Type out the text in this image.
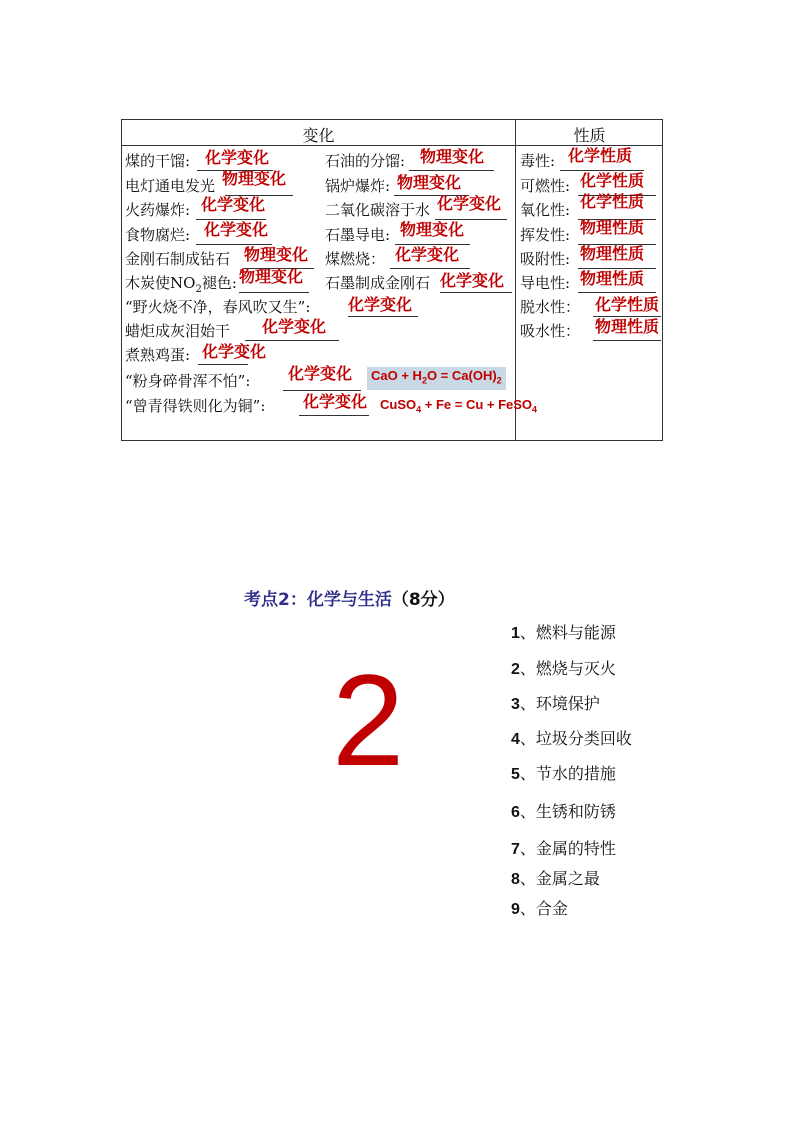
变化	性质
煤的干馏: 化学变化	石油的分馏: 物理变化
电灯通电发光 物理变化	锅炉爆炸: 物理变化
火药爆炸: 化学变化	二氧化碳溶于水 化学变化
食物腐烂: 化学变化	石墨导电: 物理变化
金刚石制成钻石 物理变化 煤燃烧： 化学变化
木炭使$NO_2$褪色: 物理变化 石墨制成金刚石 化学变化
“野火烧不净，春风吹又生”: 化学变化
蜡炬成灰泪始干 化学变化
煮熟鸡蛋: 化学变化
“粉身碎骨浑不怕”: 化学变化	CaO + $H_2O = Ca(OH)_2$
“曾青得铁则化为铜”: 化学变化 CuSO$_4$ + Fe = Cu + FeSO$_4$
毒性: 化学性质
可燃性: 化学性质
氧化性: 化学性质
挥发性: 物理性质
吸附性: 物理性质
导电性: 物理性质
脱水性： 化学性质
吸水性： 物理性质
考点2：化学与生活（8分）
2
1、燃料与能源
2、燃烧与灭火
3、环境保护
4、垃圾分类回收
5、节水的措施
6、生锈和防锈
7、金属的特性
8、金属之最
9、合金
